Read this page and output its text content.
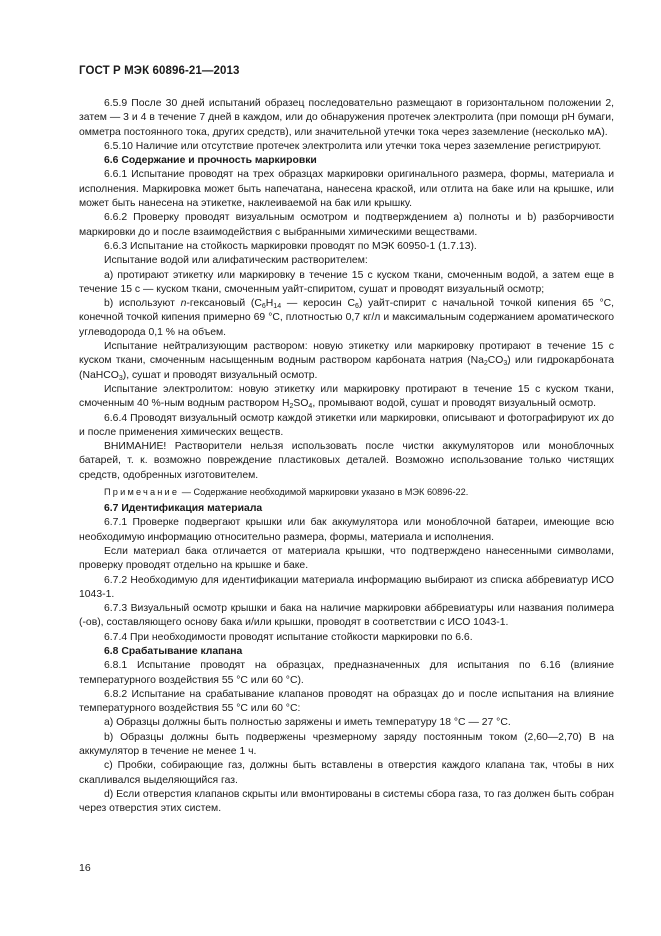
ГОСТ Р МЭК 60896-21—2013

6.5.9 После 30 дней испытаний образец последовательно размещают в горизонтальном положении 2, затем — 3 и 4 в течение 7 дней в каждом, или до обнаружения протечек электролита (при помощи pH бумаги, омметра постоянного тока, других средств), или значительной утечки тока через заземление (несколько мА).

6.5.10 Наличие или отсутствие протечек электролита или утечки тока через заземление регистрируют.

6.6 Содержание и прочность маркировки

6.6.1 Испытание проводят на трех образцах маркировки оригинального размера, формы, материала и исполнения. Маркировка может быть напечатана, нанесена краской, или отлита на баке или на крышке, или может быть нанесена на этикетке, наклеиваемой на бак или крышку.

6.6.2 Проверку проводят визуальным осмотром и подтверждением а) полноты и b) разборчивости маркировки до и после взаимодействия с выбранными химическими веществами.

6.6.3 Испытание на стойкость маркировки проводят по МЭК 60950-1 (1.7.13).

Испытание водой или алифатическим растворителем:

а) протирают этикетку или маркировку в течение 15 с куском ткани, смоченным водой, а затем еще в течение 15 с — куском ткани, смоченным уайт-спиритом, сушат и проводят визуальный осмотр;

b) используют n-гексановый ($C_6H_{14}$ — керосин $C_6$) уайт-спирит с начальной точкой кипения 65 °C, конечной точкой кипения примерно 69 °C, плотностью 0,7 кг/л и максимальным содержанием ароматического углеводорода 0,1 % на объем.

Испытание нейтрализующим раствором: новую этикетку или маркировку протирают в течение 15 с куском ткани, смоченным насыщенным водным раствором карбоната натрия $(Na_2CO_3)$ или гидрокарбоната (NaHCO$_3$), сушат и проводят визуальный осмотр.

Испытание электролитом: новую этикетку или маркировку протирают в течение 15 с куском ткани, смоченным 40 %-ным водным раствором $H_2SO_4$, промывают водой, сушат и проводят визуальный осмотр.

6.6.4 Проводят визуальный осмотр каждой этикетки или маркировки, описывают и фотографируют их до и после применения химических веществ.

ВНИМАНИЕ! Растворители нельзя использовать после чистки аккумуляторов или моноблочных батарей, т. к. возможно повреждение пластиковых деталей. Возможно использование только чистящих средств, одобренных изготовителем.

Примечание — Содержание необходимой маркировки указано в МЭК 60896-22.

6.7 Идентификация материала

6.7.1 Проверке подвергают крышки или бак аккумулятора или моноблочной батареи, имеющие всю необходимую информацию относительно размера, формы, материала и исполнения.

Если материал бака отличается от материала крышки, что подтверждено нанесенными символами, проверку проводят отдельно на крышке и баке.

6.7.2 Необходимую для идентификации материала информацию выбирают из списка аббревиатур ИСО 1043-1.

6.7.3 Визуальный осмотр крышки и бака на наличие маркировки аббревиатуры или названия полимера (-ов), составляющего основу бака и/или крышки, проводят в соответствии с ИСО 1043-1.

6.7.4 При необходимости проводят испытание стойкости маркировки по 6.6.

6.8 Срабатывание клапана

6.8.1 Испытание проводят на образцах, предназначенных для испытания по 6.16 (влияние температурного воздействия 55 °C или 60 °C).

6.8.2 Испытание на срабатывание клапанов проводят на образцах до и после испытания на влияние температурного воздействия 55 °C или 60 °C:

а) Образцы должны быть полностью заряжены и иметь температуру 18 °C — 27 °C.

b) Образцы должны быть подвержены чрезмерному заряду постоянным током (2,60—2,70) В на аккумулятор в течение не менее 1 ч.

c) Пробки, собирающие газ, должны быть вставлены в отверстия каждого клапана так, чтобы в них скапливался выделяющийся газ.

d) Если отверстия клапанов скрыты или вмонтированы в системы сбора газа, то газ должен быть собран через отверстия этих систем.

16
